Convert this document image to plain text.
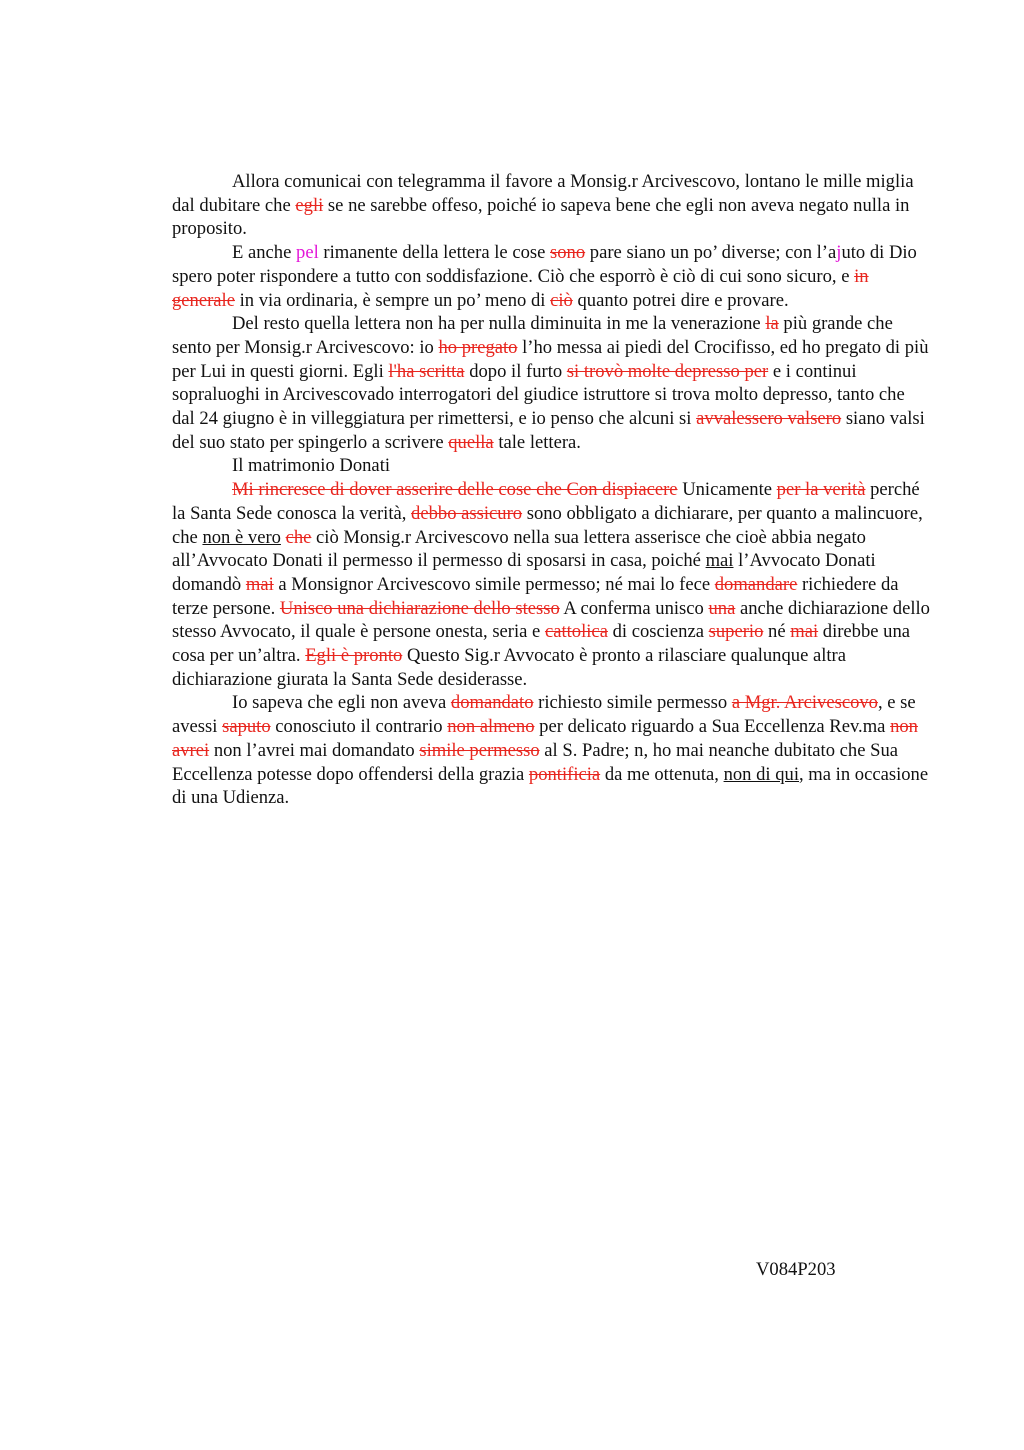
Allora comunicai con telegramma il favore a Monsig.r Arcivescovo, lontano le mille miglia dal dubitare che egli se ne sarebbe offeso, poiché io sapeva bene che egli non aveva negato nulla in proposito.

E anche pel rimanente della lettera le cose sono pare siano un po’ diverse; con l’ajuto di Dio spero poter rispondere a tutto con soddisfazione. Ciò che esporrò è ciò di cui sono sicuro, e in generale in via ordinaria, è sempre un po’ meno di ciò quanto potrei dire e provare.

Del resto quella lettera non ha per nulla diminuita in me la venerazione la più grande che sento per Monsig.r Arcivescovo: io ho pregato l’ho messa ai piedi del Crocifisso, ed ho pregato di più per Lui in questi giorni. Egli l'ha scritta dopo il furto si trovò molte depresso per e i continui sopraluoghi in Arcivescovado interrogatori del giudice istruttore si trova molto depresso, tanto che dal 24 giugno è in villeggiatura per rimettersi, e io penso che alcuni si avvalessero valsero siano valsi del suo stato per spingerlo a scrivere quella tale lettera.

Il matrimonio Donati

Mi rincresce di dover asserire delle cose che Con dispiacere Unicamente per la verità perché la Santa Sede conosca la verità, debbo assicuro sono obbligato a dichiarare, per quanto a malincuore, che non è vero che ciò Monsig.r Arcivescovo nella sua lettera asserisce che cioè abbia negato all’Avvocato Donati il permesso il permesso di sposarsi in casa, poiché mai l’Avvocato Donati domandò mai a Monsignor Arcivescovo simile permesso; né mai lo fece domandare richiedere da terze persone. Unisco una dichiarazione dello stesso A conferma unisco una anche dichiarazione dello stesso Avvocato, il quale è persone onesta, seria e cattolica di coscienza superio né mai direbbe una cosa per un’altra. Egli è pronto Questo Sig.r Avvocato è pronto a rilasciare qualunque altra dichiarazione giurata la Santa Sede desiderasse.

Io sapeva che egli non aveva domandato richiesto simile permesso a Mgr. Arcivescovo, e se avessi saputo conosciuto il contrario non almeno per delicato riguardo a Sua Eccellenza Rev.ma non avrei non l’avrei mai domandato simile permesso al S. Padre; n, ho mai neanche dubitato che Sua Eccellenza potesse dopo offendersi della grazia pontificia da me ottenuta, non di qui, ma in occasione di una Udienza.

V084P203
